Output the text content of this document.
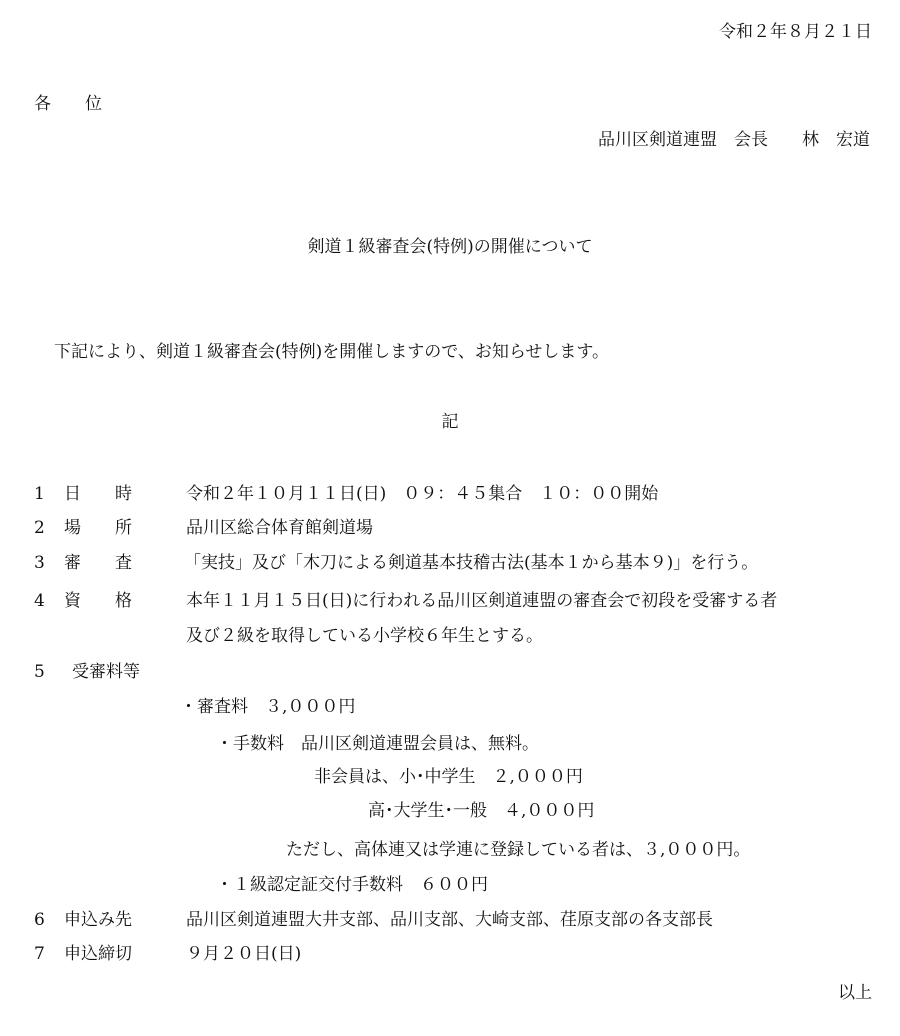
令和２年８月２１日
各　　位
品川区剣道連盟　会長　　林　宏道
剣道１級審査会(特例)の開催について
下記により、剣道１級審査会(特例)を開催しますので、お知らせします。
記
1 日　　時	令和２年１０月１１日(日)　０９：４５集合　１０：００開始
2 場　　所	品川区総合体育館剣道場
3 審　　査	「実技」及び「木刀による剣道基本技稽古法(基本１から基本９)」を行う。
4 資　　格	本年１１月１５日(日)に行われる品川区剣道連盟の審査会で初段を受審する者
及び２級を取得している小学校６年生とする。
5 受審料等
・審査料　３,０００円
・手数料　品川区剣道連盟会員は、無料。
非会員は、小･中学生　２,０００円
高･大学生･一般　４,０００円
ただし、高体連又は学連に登録している者は、３,０００円。
・１級認定証交付手数料　６００円
6 申込み先	品川区剣道連盟大井支部、品川支部、大崎支部、荏原支部の各支部長
7 申込締切	９月２０日(日)
以上
